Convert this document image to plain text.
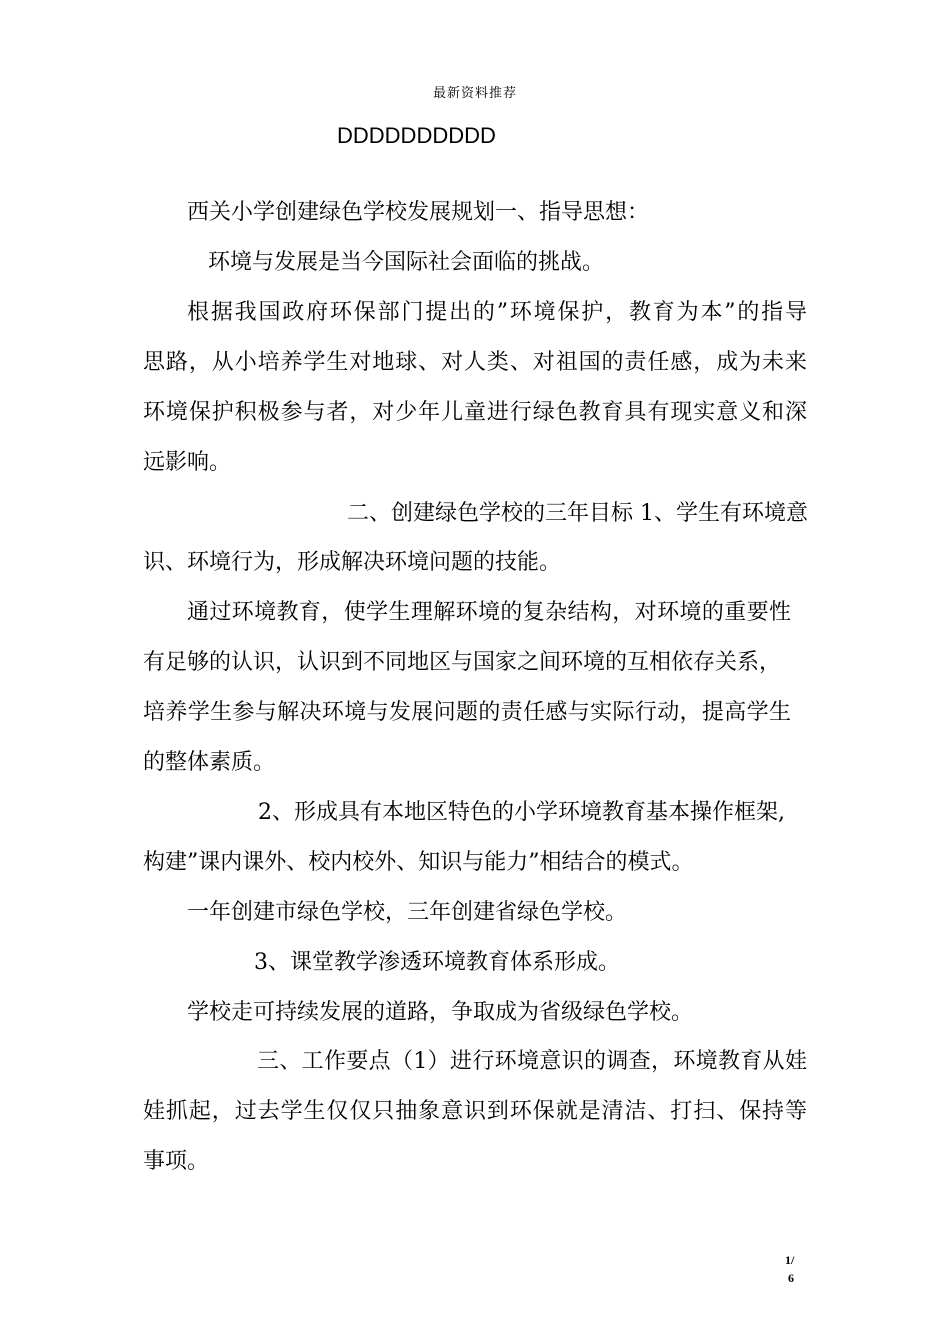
最新资料推荐
DDDDDDDDDD
西关小学创建绿色学校发展规划一、指导思想：
环境与发展是当今国际社会面临的挑战。
根据我国政府环保部门提出的”环境保护，教育为本”的指导
思路，从小培养学生对地球、对人类、对祖国的责任感，成为未来
环境保护积极参与者，对少年儿童进行绿色教育具有现实意义和深
远影响。
二、创建绿色学校的三年目标 1、学生有环境意
识、环境行为，形成解决环境问题的技能。
通过环境教育，使学生理解环境的复杂结构，对环境的重要性
有足够的认识，认识到不同地区与国家之间环境的互相依存关系，
培养学生参与解决环境与发展问题的责任感与实际行动，提高学生
的整体素质。
2、形成具有本地区特色的小学环境教育基本操作框架,
构建”课内课外、校内校外、知识与能力”相结合的模式。
一年创建市绿色学校，三年创建省绿色学校。
3、课堂教学渗透环境教育体系形成。
学校走可持续发展的道路，争取成为省级绿色学校。
三、工作要点（1）进行环境意识的调查，环境教育从娃
娃抓起，过去学生仅仅只抽象意识到环保就是清洁、打扫、保持等
事项。
1/
6
